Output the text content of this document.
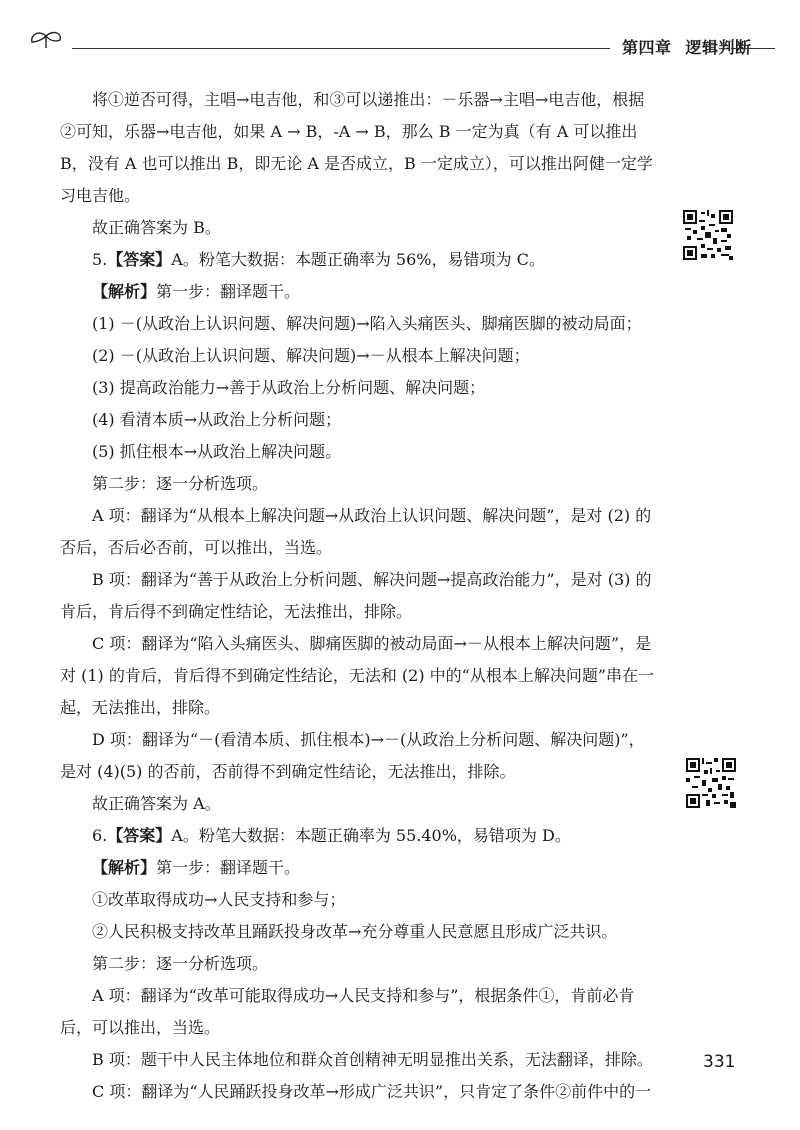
第四章 逻辑判断

将①逆否可得，主唱→电吉他，和③可以递推出：－乐器→主唱→电吉他，根据②可知，乐器→电吉他，如果 A → B，-A → B，那么 B 一定为真（有 A 可以推出 B，没有 A 也可以推出 B，即无论 A 是否成立，B 一定成立），可以推出阿健一定学习电吉他。

故正确答案为 B。

5.【答案】A。粉笔大数据：本题正确率为 56%，易错项为 C。

【解析】第一步：翻译题干。

(1) －(从政治上认识问题、解决问题)→陷入头痛医头、脚痛医脚的被动局面；

(2) －(从政治上认识问题、解决问题)→－从根本上解决问题；

(3) 提高政治能力→善于从政治上分析问题、解决问题；

(4) 看清本质→从政治上分析问题；

(5) 抓住根本→从政治上解决问题。

第二步：逐一分析选项。

A 项：翻译为“从根本上解决问题→从政治上认识问题、解决问题”，是对 (2) 的否后，否后必否前，可以推出，当选。

B 项：翻译为“善于从政治上分析问题、解决问题→提高政治能力”，是对 (3) 的肯后，肯后得不到确定性结论，无法推出，排除。

C 项：翻译为“陷入头痛医头、脚痛医脚的被动局面→－从根本上解决问题”，是对 (1) 的肯后，肯后得不到确定性结论，无法和 (2) 中的“从根本上解决问题”串在一起，无法推出，排除。

D 项：翻译为“－(看清本质、抓住根本)→－(从政治上分析问题、解决问题)”，是对 (4)(5) 的否前，否前得不到确定性结论，无法推出，排除。

故正确答案为 A。

6.【答案】A。粉笔大数据：本题正确率为 55.40%，易错项为 D。

【解析】第一步：翻译题干。

①改革取得成功→人民支持和参与；

②人民积极支持改革且踊跃投身改革→充分尊重人民意愿且形成广泛共识。

第二步：逐一分析选项。

A 项：翻译为“改革可能取得成功→人民支持和参与”，根据条件①，肯前必肯后，可以推出，当选。

B 项：题干中人民主体地位和群众首创精神无明显推出关系，无法翻译，排除。

C 项：翻译为“人民踊跃投身改革→形成广泛共识”，只肯定了条件②前件中的一

331
